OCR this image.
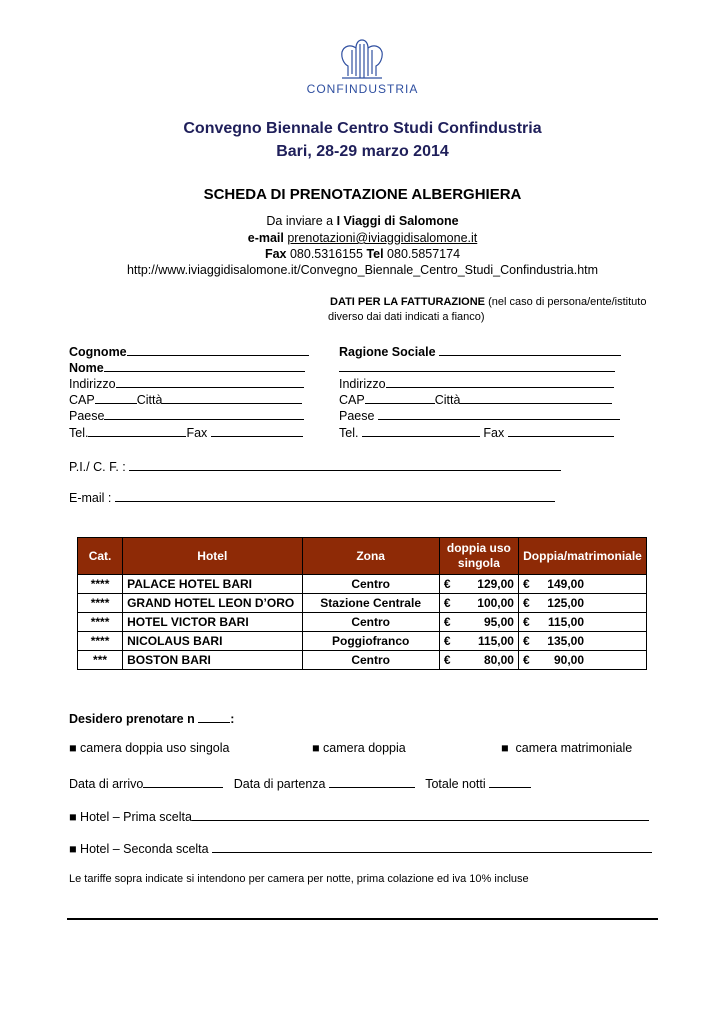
CONFINDUSTRIA
Convegno Biennale Centro Studi Confindustria
Bari, 28-29 marzo 2014
SCHEDA DI PRENOTAZIONE ALBERGHIERA
Da inviare a I Viaggi di Salomone
e-mail prenotazioni@iviaggidisalomone.it
Fax 080.5316155 Tel 080.5857174
http://www.iviaggidisalomone.it/Convegno_Biennale_Centro_Studi_Confindustria.htm
DATI PER LA FATTURAZIONE (nel caso di persona/ente/istituto
diverso dai dati indicati a fianco)
Cognome
Nome
Indirizzo
CAP	Città
Paese
Tel.	Fax
Ragione Sociale
Indirizzo
CAP	Città
Paese
Tel.	Fax
P.I./ C. F. :
E-mail :
Cat.	Hotel	Zona	doppia uso singola	Doppia/matrimoniale
****	PALACE HOTEL BARI	Centro	€ 129,00	€ 149,00

****	GRAND HOTEL LEON D’ORO	Stazione Centrale	€ 100,00	€ 125,00

****	HOTEL VICTOR BARI	Centro	€ 95,00	€ 115,00

****	NICOLAUS BARI	Poggiofranco	€ 115,00	€ 135,00

***	BOSTON BARI	Centro	€ 80,00	€ 90,00
Desidero prenotare n	:
■ camera doppia uso singola	■ camera doppia	■ camera matrimoniale
Data di arrivo	Data di partenza	Totale notti
■ Hotel – Prima scelta
■ Hotel – Seconda scelta
Le tariffe sopra indicate si intendono per camera per notte, prima colazione ed iva 10% incluse
